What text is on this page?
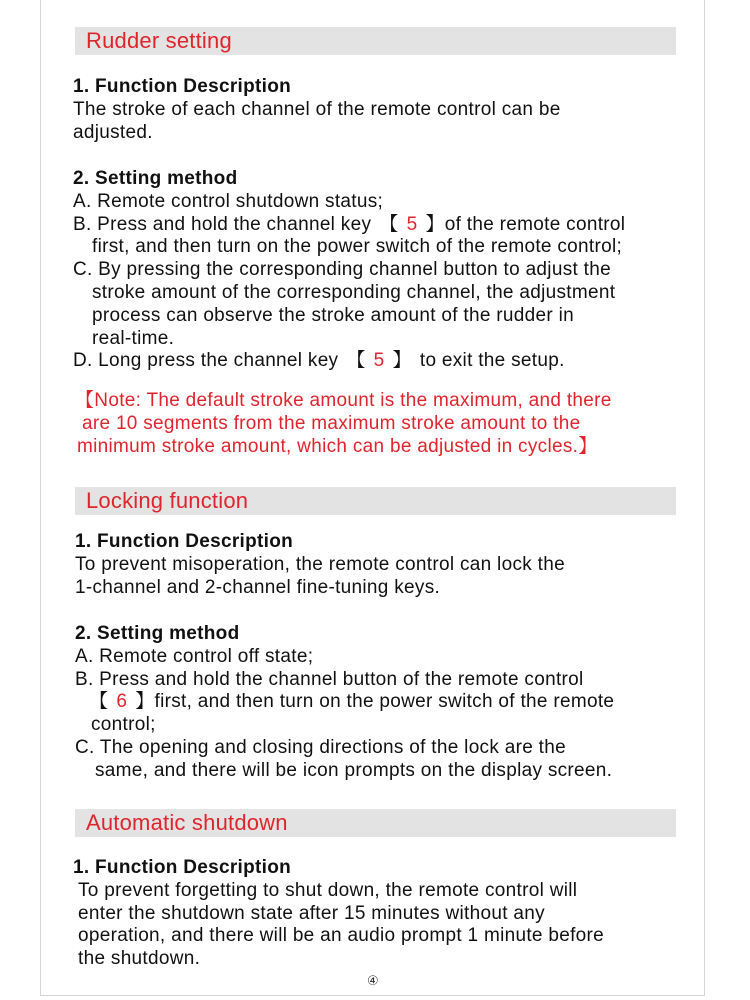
Rudder setting
1. Function Description
The stroke of each channel of the remote control can be
adjusted.
2. Setting method
A. Remote control shutdown status;
B. Press and hold the channel key 【 5 】of the remote control
first, and then turn on the power switch of the remote control;
C. By pressing the corresponding channel button to adjust the
stroke amount of the corresponding channel, the adjustment
process can observe the stroke amount of the rudder in
real-time.
D. Long press the channel key 【 5 】 to exit the setup.
【Note: The default stroke amount is the maximum, and there
are 10 segments from the maximum stroke amount to the
minimum stroke amount, which can be adjusted in cycles.】
Locking function
1. Function Description
To prevent misoperation, the remote control can lock the
1-channel and 2-channel fine-tuning keys.
2. Setting method
A. Remote control off state;
B. Press and hold the channel button of the remote control
【 6 】first, and then turn on the power switch of the remote
control;
C. The opening and closing directions of the lock are the
same, and there will be icon prompts on the display screen.
Automatic shutdown
1. Function Description
To prevent forgetting to shut down, the remote control will
enter the shutdown state after 15 minutes without any
operation, and there will be an audio prompt 1 minute before
the shutdown.
④
